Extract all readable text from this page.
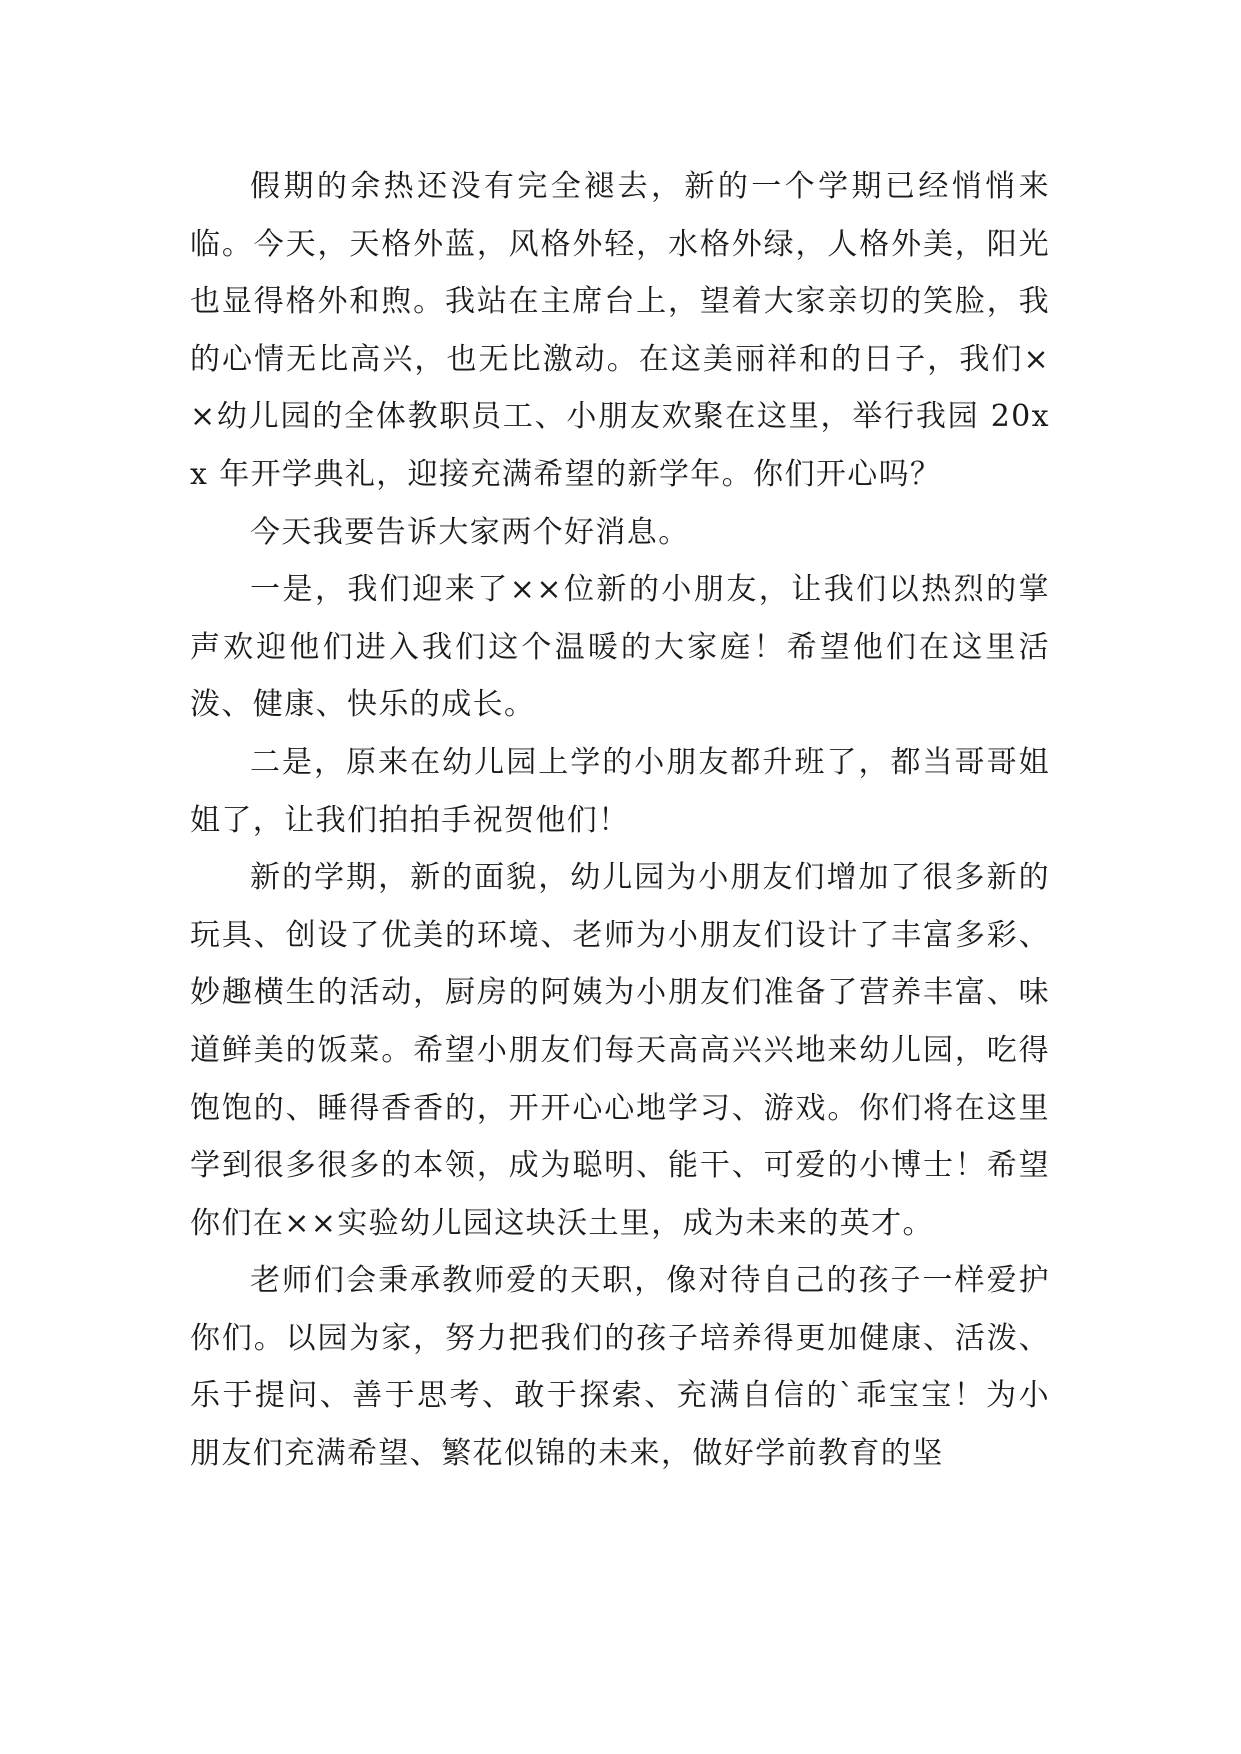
假期的余热还没有完全褪去，新的一个学期已经悄悄来临。今天，天格外蓝，风格外轻，水格外绿，人格外美，阳光也显得格外和煦。我站在主席台上，望着大家亲切的笑脸，我的心情无比高兴，也无比激动。在这美丽祥和的日子，我们××幼儿园的全体教职员工、小朋友欢聚在这里，举行我园 20xx 年开学典礼，迎接充满希望的新学年。你们开心吗？

今天我要告诉大家两个好消息。

一是，我们迎来了××位新的小朋友，让我们以热烈的掌声欢迎他们进入我们这个温暖的大家庭！希望他们在这里活泼、健康、快乐的成长。

二是，原来在幼儿园上学的小朋友都升班了，都当哥哥姐姐了，让我们拍拍手祝贺他们！

新的学期，新的面貌，幼儿园为小朋友们增加了很多新的玩具、创设了优美的环境、老师为小朋友们设计了丰富多彩、妙趣横生的活动，厨房的阿姨为小朋友们准备了营养丰富、味道鲜美的饭菜。希望小朋友们每天高高兴兴地来幼儿园，吃得饱饱的、睡得香香的，开开心心地学习、游戏。你们将在这里学到很多很多的本领，成为聪明、能干、可爱的小博士！希望你们在××实验幼儿园这块沃土里，成为未来的英才。

老师们会秉承教师爱的天职，像对待自己的孩子一样爱护你们。以园为家，努力把我们的孩子培养得更加健康、活泼、乐于提问、善于思考、敢于探索、充满自信的`乖宝宝！为小朋友们充满希望、繁花似锦的未来，做好学前教育的坚
